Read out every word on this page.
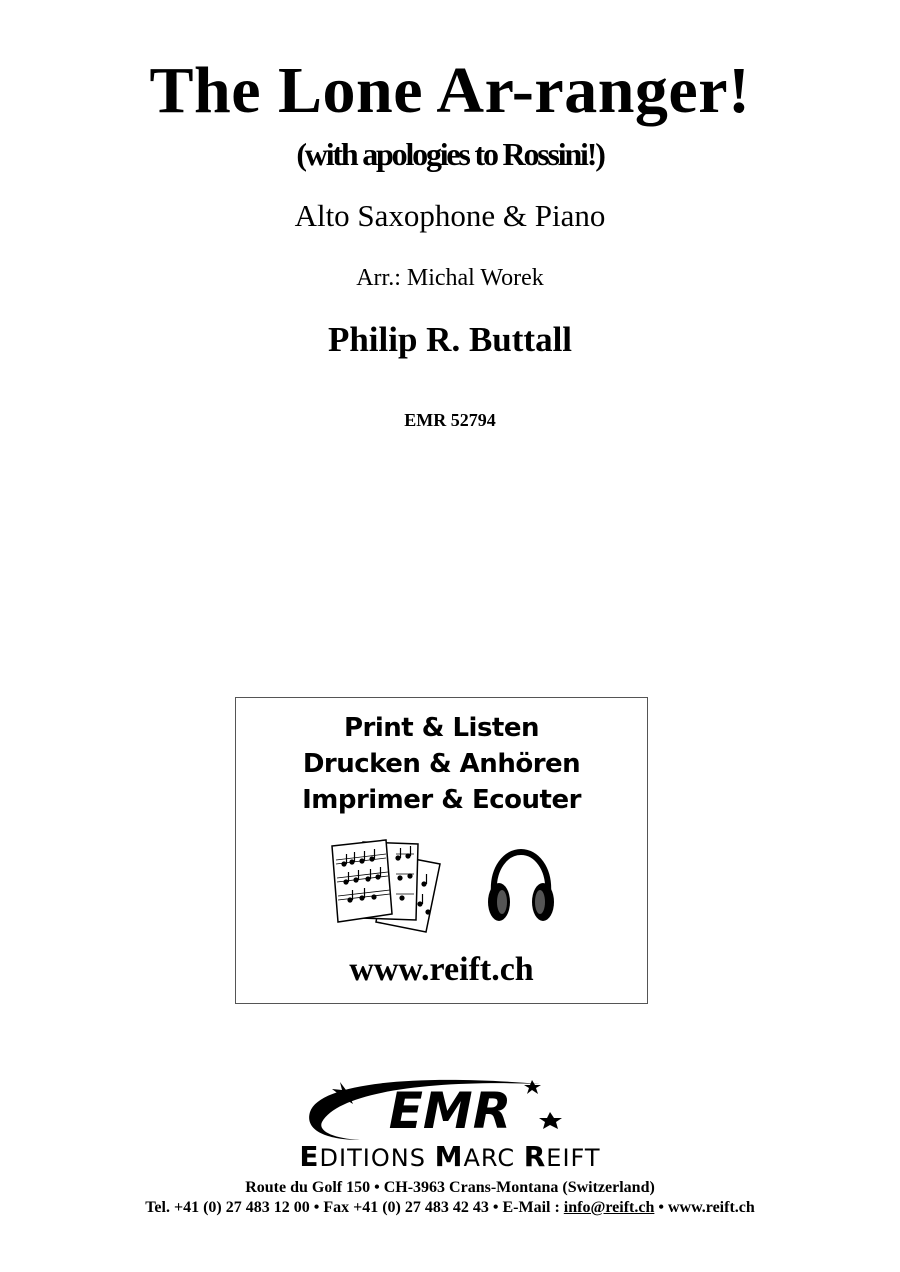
The Lone Ar-ranger!
(with apologies to Rossini!)
Alto Saxophone & Piano
Arr.: Michal Worek
Philip R. Buttall
EMR 52794
Print & Listen
Drucken & Anhören
Imprimer & Ecouter
www.reift.ch
EMR
EDITIONS MARC REIFT
Route du Golf 150 • CH-3963 Crans-Montana (Switzerland)
Tel. +41 (0) 27 483 12 00 • Fax +41 (0) 27 483 42 43 • E-Mail : info@reift.ch • www.reift.ch
